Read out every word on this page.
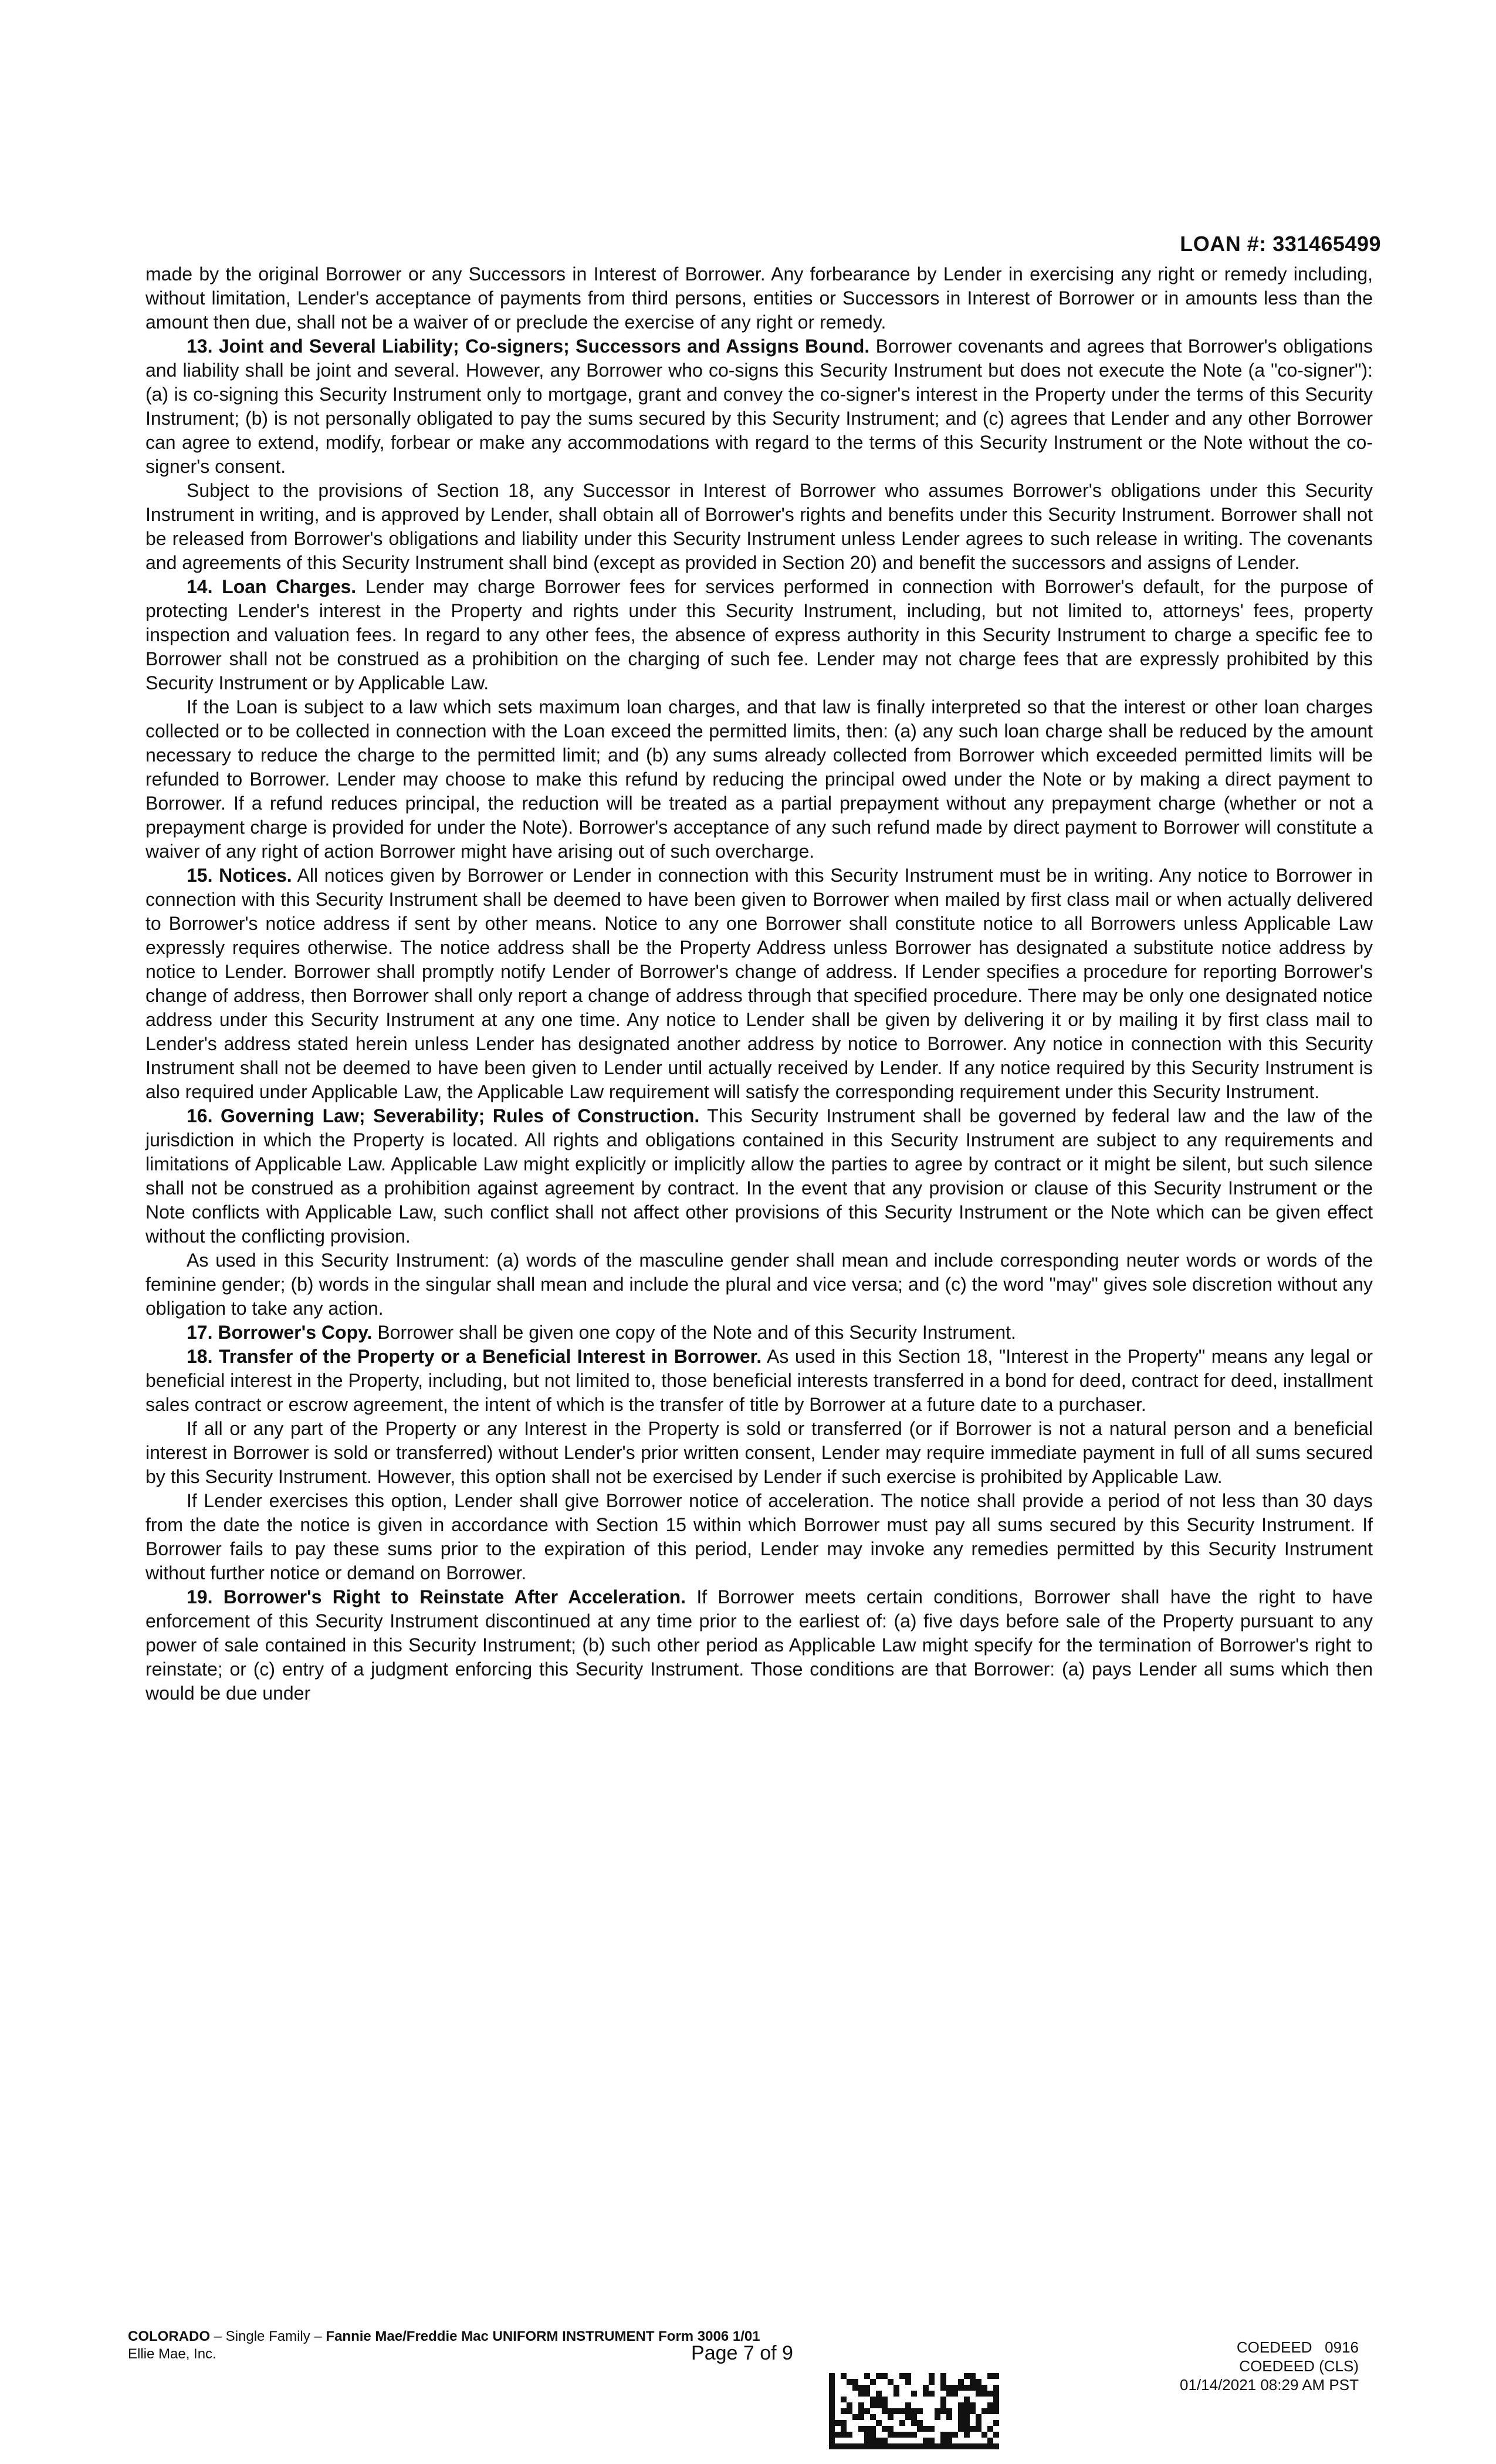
LOAN #: 331465499

made by the original Borrower or any Successors in Interest of Borrower. Any forbearance by Lender in exercising any right or remedy including, without limitation, Lender's acceptance of payments from third persons, entities or Successors in Interest of Borrower or in amounts less than the amount then due, shall not be a waiver of or preclude the exercise of any right or remedy.

13. Joint and Several Liability; Co-signers; Successors and Assigns Bound. Borrower covenants and agrees that Borrower's obligations and liability shall be joint and several. However, any Borrower who co-signs this Security Instrument but does not execute the Note (a "co-signer"): (a) is co-signing this Security Instrument only to mortgage, grant and convey the co-signer's interest in the Property under the terms of this Security Instrument; (b) is not personally obligated to pay the sums secured by this Security Instrument; and (c) agrees that Lender and any other Borrower can agree to extend, modify, forbear or make any accommodations with regard to the terms of this Security Instrument or the Note without the co-signer's consent.

Subject to the provisions of Section 18, any Successor in Interest of Borrower who assumes Borrower's obligations under this Security Instrument in writing, and is approved by Lender, shall obtain all of Borrower's rights and benefits under this Security Instrument. Borrower shall not be released from Borrower's obligations and liability under this Security Instrument unless Lender agrees to such release in writing. The covenants and agreements of this Security Instrument shall bind (except as provided in Section 20) and benefit the successors and assigns of Lender.

14. Loan Charges. Lender may charge Borrower fees for services performed in connection with Borrower's default, for the purpose of protecting Lender's interest in the Property and rights under this Security Instrument, including, but not limited to, attorneys' fees, property inspection and valuation fees. In regard to any other fees, the absence of express authority in this Security Instrument to charge a specific fee to Borrower shall not be construed as a prohibition on the charging of such fee. Lender may not charge fees that are expressly prohibited by this Security Instrument or by Applicable Law.

If the Loan is subject to a law which sets maximum loan charges, and that law is finally interpreted so that the interest or other loan charges collected or to be collected in connection with the Loan exceed the permitted limits, then: (a) any such loan charge shall be reduced by the amount necessary to reduce the charge to the permitted limit; and (b) any sums already collected from Borrower which exceeded permitted limits will be refunded to Borrower. Lender may choose to make this refund by reducing the principal owed under the Note or by making a direct payment to Borrower. If a refund reduces principal, the reduction will be treated as a partial prepayment without any prepayment charge (whether or not a prepayment charge is provided for under the Note). Borrower's acceptance of any such refund made by direct payment to Borrower will constitute a waiver of any right of action Borrower might have arising out of such overcharge.

15. Notices. All notices given by Borrower or Lender in connection with this Security Instrument must be in writing. Any notice to Borrower in connection with this Security Instrument shall be deemed to have been given to Borrower when mailed by first class mail or when actually delivered to Borrower's notice address if sent by other means. Notice to any one Borrower shall constitute notice to all Borrowers unless Applicable Law expressly requires otherwise. The notice address shall be the Property Address unless Borrower has designated a substitute notice address by notice to Lender. Borrower shall promptly notify Lender of Borrower's change of address. If Lender specifies a procedure for reporting Borrower's change of address, then Borrower shall only report a change of address through that specified procedure. There may be only one designated notice address under this Security Instrument at any one time. Any notice to Lender shall be given by delivering it or by mailing it by first class mail to Lender's address stated herein unless Lender has designated another address by notice to Borrower. Any notice in connection with this Security Instrument shall not be deemed to have been given to Lender until actually received by Lender. If any notice required by this Security Instrument is also required under Applicable Law, the Applicable Law requirement will satisfy the corresponding requirement under this Security Instrument.

16. Governing Law; Severability; Rules of Construction. This Security Instrument shall be governed by federal law and the law of the jurisdiction in which the Property is located. All rights and obligations contained in this Security Instrument are subject to any requirements and limitations of Applicable Law. Applicable Law might explicitly or implicitly allow the parties to agree by contract or it might be silent, but such silence shall not be construed as a prohibition against agreement by contract. In the event that any provision or clause of this Security Instrument or the Note conflicts with Applicable Law, such conflict shall not affect other provisions of this Security Instrument or the Note which can be given effect without the conflicting provision.

As used in this Security Instrument: (a) words of the masculine gender shall mean and include corresponding neuter words or words of the feminine gender; (b) words in the singular shall mean and include the plural and vice versa; and (c) the word "may" gives sole discretion without any obligation to take any action.

17. Borrower's Copy. Borrower shall be given one copy of the Note and of this Security Instrument.

18. Transfer of the Property or a Beneficial Interest in Borrower. As used in this Section 18, "Interest in the Property" means any legal or beneficial interest in the Property, including, but not limited to, those beneficial interests transferred in a bond for deed, contract for deed, installment sales contract or escrow agreement, the intent of which is the transfer of title by Borrower at a future date to a purchaser.

If all or any part of the Property or any Interest in the Property is sold or transferred (or if Borrower is not a natural person and a beneficial interest in Borrower is sold or transferred) without Lender's prior written consent, Lender may require immediate payment in full of all sums secured by this Security Instrument. However, this option shall not be exercised by Lender if such exercise is prohibited by Applicable Law.

If Lender exercises this option, Lender shall give Borrower notice of acceleration. The notice shall provide a period of not less than 30 days from the date the notice is given in accordance with Section 15 within which Borrower must pay all sums secured by this Security Instrument. If Borrower fails to pay these sums prior to the expiration of this period, Lender may invoke any remedies permitted by this Security Instrument without further notice or demand on Borrower.

19. Borrower's Right to Reinstate After Acceleration. If Borrower meets certain conditions, Borrower shall have the right to have enforcement of this Security Instrument discontinued at any time prior to the earliest of: (a) five days before sale of the Property pursuant to any power of sale contained in this Security Instrument; (b) such other period as Applicable Law might specify for the termination of Borrower's right to reinstate; or (c) entry of a judgment enforcing this Security Instrument. Those conditions are that Borrower: (a) pays Lender all sums which then would be due under

COLORADO – Single Family – Fannie Mae/Freddie Mac UNIFORM INSTRUMENT Form 3006 1/01
Ellie Mae, Inc.	Page 7 of 9	COEDEED   0916
COEDEED (CLS)
01/14/2021 08:29 AM PST
